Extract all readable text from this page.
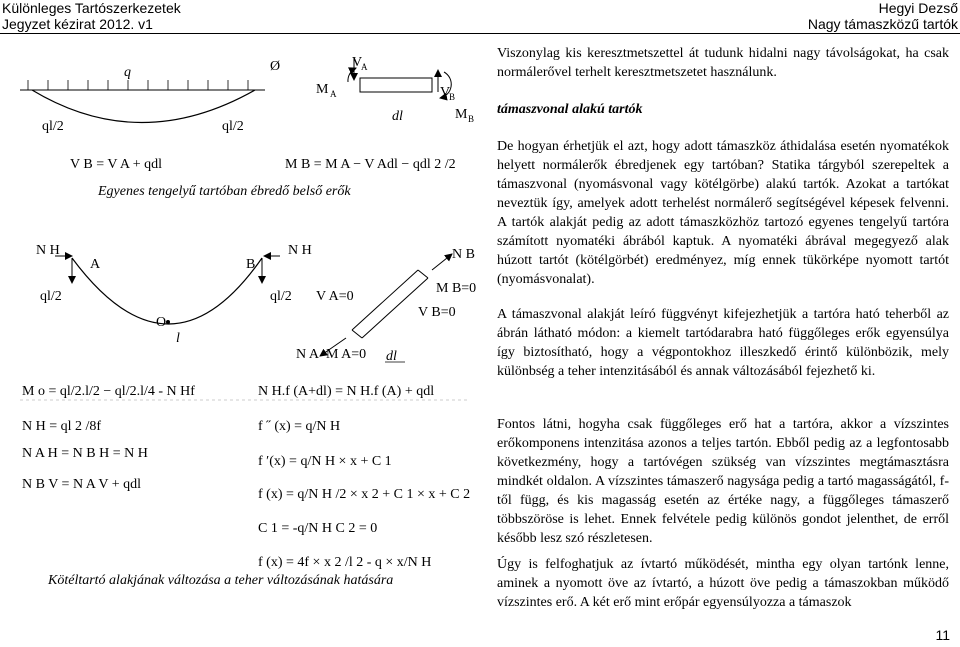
Különleges Tartószerkezetek
Jegyzet kézirat 2012. v1
Hegyi Dezső
Nagy támaszközű tartók
q	Ø
ql/2	ql/2
M A
V
A
V
B
M B
dl
V B = V A + qdl	M B = M A − V Adl − qdl 2 /2
Egyenes tengelyű tartóban ébredő belső erők
N H
A	B
N H
ql/2	ql/2
O
l
N B
V A=0
M B=0
V B=0
N A M A=0 dl
M o = ql/2.l/2 − ql/2.l/4 - N Hf	N H.f (A+dl) = N H.f (A) + qdl
N H = ql 2 /8f
N A H = N B H = N H
N B V = N A V + qdl
f ˝ (x) = q/N H
f ′(x) = q/N H × x + C 1
f (x) = q/N H /2 × x 2 + C 1 × x + C 2
C 1 = -q/N H C 2 = 0
f (x) = 4f × x 2 /l 2 - q × x/N H
Kötéltartó alakjának változása a teher változásának hatására

Viszonylag kis keresztmetszettel át tudunk hidalni nagy távolságokat, ha csak normálerővel terhelt keresztmetszetet használunk.

támaszvonal alakú tartók

De hogyan érhetjük el azt, hogy adott támaszköz áthidalása esetén nyomatékok helyett normálerők ébredjenek egy tartóban? Statika tárgyból szerepeltek a támaszvonal (nyomásvonal vagy kötélgörbe) alakú tartók. Azokat a tartókat neveztük így, amelyek adott terhelést normálerő segítségével képesek felvenni. A tartók alakját pedig az adott támaszközhöz tartozó egyenes tengelyű tartóra számított nyomatéki ábrából kaptuk. A nyomatéki ábrával megegyező alak húzott tartót (kötélgörbét) eredményez, míg ennek tükörképe nyomott tartót (nyomásvonalat).

A támaszvonal alakját leíró függvényt kifejezhetjük a tartóra ható teherből az ábrán látható módon: a kiemelt tartódarabra ható függőleges erők egyensúlya így biztosítható, hogy a végpontokhoz illeszkedő érintő különbözik, mely különbség a teher intenzitásából és annak változásából fejezhető ki.

Fontos látni, hogyha csak függőleges erő hat a tartóra, akkor a vízszintes erőkomponens intenzitása azonos a teljes tartón. Ebből pedig az a legfontosabb következmény, hogy a tartóvégen szükség van vízszintes megtámasztásra mindkét oldalon. A vízszintes támaszerő nagysága pedig a tartó magasságától, f-től függ, és kis magasság esetén az értéke nagy, a függőleges támaszerő többszöröse is lehet. Ennek felvétele pedig különös gondot jelenthet, de erről később lesz szó részletesen.

Úgy is felfoghatjuk az ívtartó működését, mintha egy olyan tartónk lenne, aminek a nyomott öve az ívtartó, a húzott öve pedig a támaszokban működő vízszintes erő. A két erő mint erőpár egyensúlyozza a támaszok

11
